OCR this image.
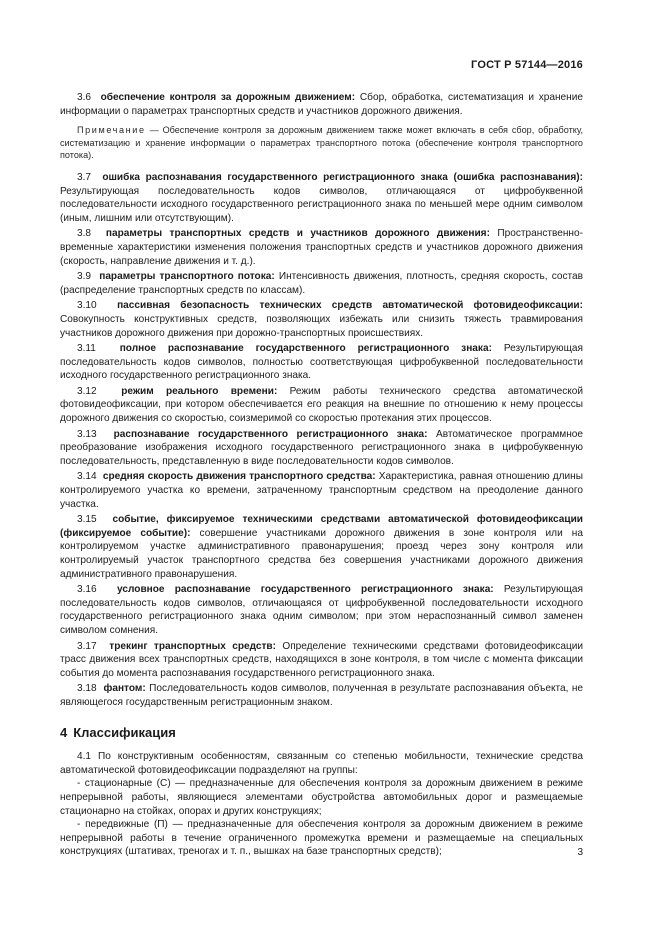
ГОСТ Р 57144—2016

3.6 обеспечение контроля за дорожным движением: Сбор, обработка, систематизация и хранение информации о параметрах транспортных средств и участников дорожного движения.

Примечание — Обеспечение контроля за дорожным движением также может включать в себя сбор, обработку, систематизацию и хранение информации о параметрах транспортного потока (обеспечение контроля транспортного потока).

3.7 ошибка распознавания государственного регистрационного знака (ошибка распознавания): Результирующая последовательность кодов символов, отличающаяся от цифробуквенной последовательности исходного государственного регистрационного знака по меньшей мере одним символом (иным, лишним или отсутствующим).

3.8 параметры транспортных средств и участников дорожного движения: Пространственно-временные характеристики изменения положения транспортных средств и участников дорожного движения (скорость, направление движения и т. д.).

3.9 параметры транспортного потока: Интенсивность движения, плотность, средняя скорость, состав (распределение транспортных средств по классам).

3.10 пассивная безопасность технических средств автоматической фотовидеофиксации: Совокупность конструктивных средств, позволяющих избежать или снизить тяжесть травмирования участников дорожного движения при дорожно-транспортных происшествиях.

3.11 полное распознавание государственного регистрационного знака: Результирующая последовательность кодов символов, полностью соответствующая цифробуквенной последовательности исходного государственного регистрационного знака.

3.12 режим реального времени: Режим работы технического средства автоматической фотовидеофиксации, при котором обеспечивается его реакция на внешние по отношению к нему процессы дорожного движения со скоростью, соизмеримой со скоростью протекания этих процессов.

3.13 распознавание государственного регистрационного знака: Автоматическое программное преобразование изображения исходного государственного регистрационного знака в цифробуквенную последовательность, представленную в виде последовательности кодов символов.

3.14 средняя скорость движения транспортного средства: Характеристика, равная отношению длины контролируемого участка ко времени, затраченному транспортным средством на преодоление данного участка.

3.15 событие, фиксируемое техническими средствами автоматической фотовидеофиксации (фиксируемое событие): совершение участниками дорожного движения в зоне контроля или на контролируемом участке административного правонарушения; проезд через зону контроля или контролируемый участок транспортного средства без совершения участниками дорожного движения административного правонарушения.

3.16 условное распознавание государственного регистрационного знака: Результирующая последовательность кодов символов, отличающаяся от цифробуквенной последовательности исходного государственного регистрационного знака одним символом; при этом нераспознанный символ заменен символом сомнения.

3.17 трекинг транспортных средств: Определение техническими средствами фотовидеофиксации трасс движения всех транспортных средств, находящихся в зоне контроля, в том числе с момента фиксации события до момента распознавания государственного регистрационного знака.

3.18 фантом: Последовательность кодов символов, полученная в результате распознавания объекта, не являющегося государственным регистрационным знаком.

4 Классификация

4.1 По конструктивным особенностям, связанным со степенью мобильности, технические средства автоматической фотовидеофиксации подразделяют на группы:

- стационарные (С) — предназначенные для обеспечения контроля за дорожным движением в режиме непрерывной работы, являющиеся элементами обустройства автомобильных дорог и размещаемые стационарно на стойках, опорах и других конструкциях;

- передвижные (П) — предназначенные для обеспечения контроля за дорожным движением в режиме непрерывной работы в течение ограниченного промежутка времени и размещаемые на специальных конструкциях (штативах, треногах и т. п., вышках на базе транспортных средств);	3
